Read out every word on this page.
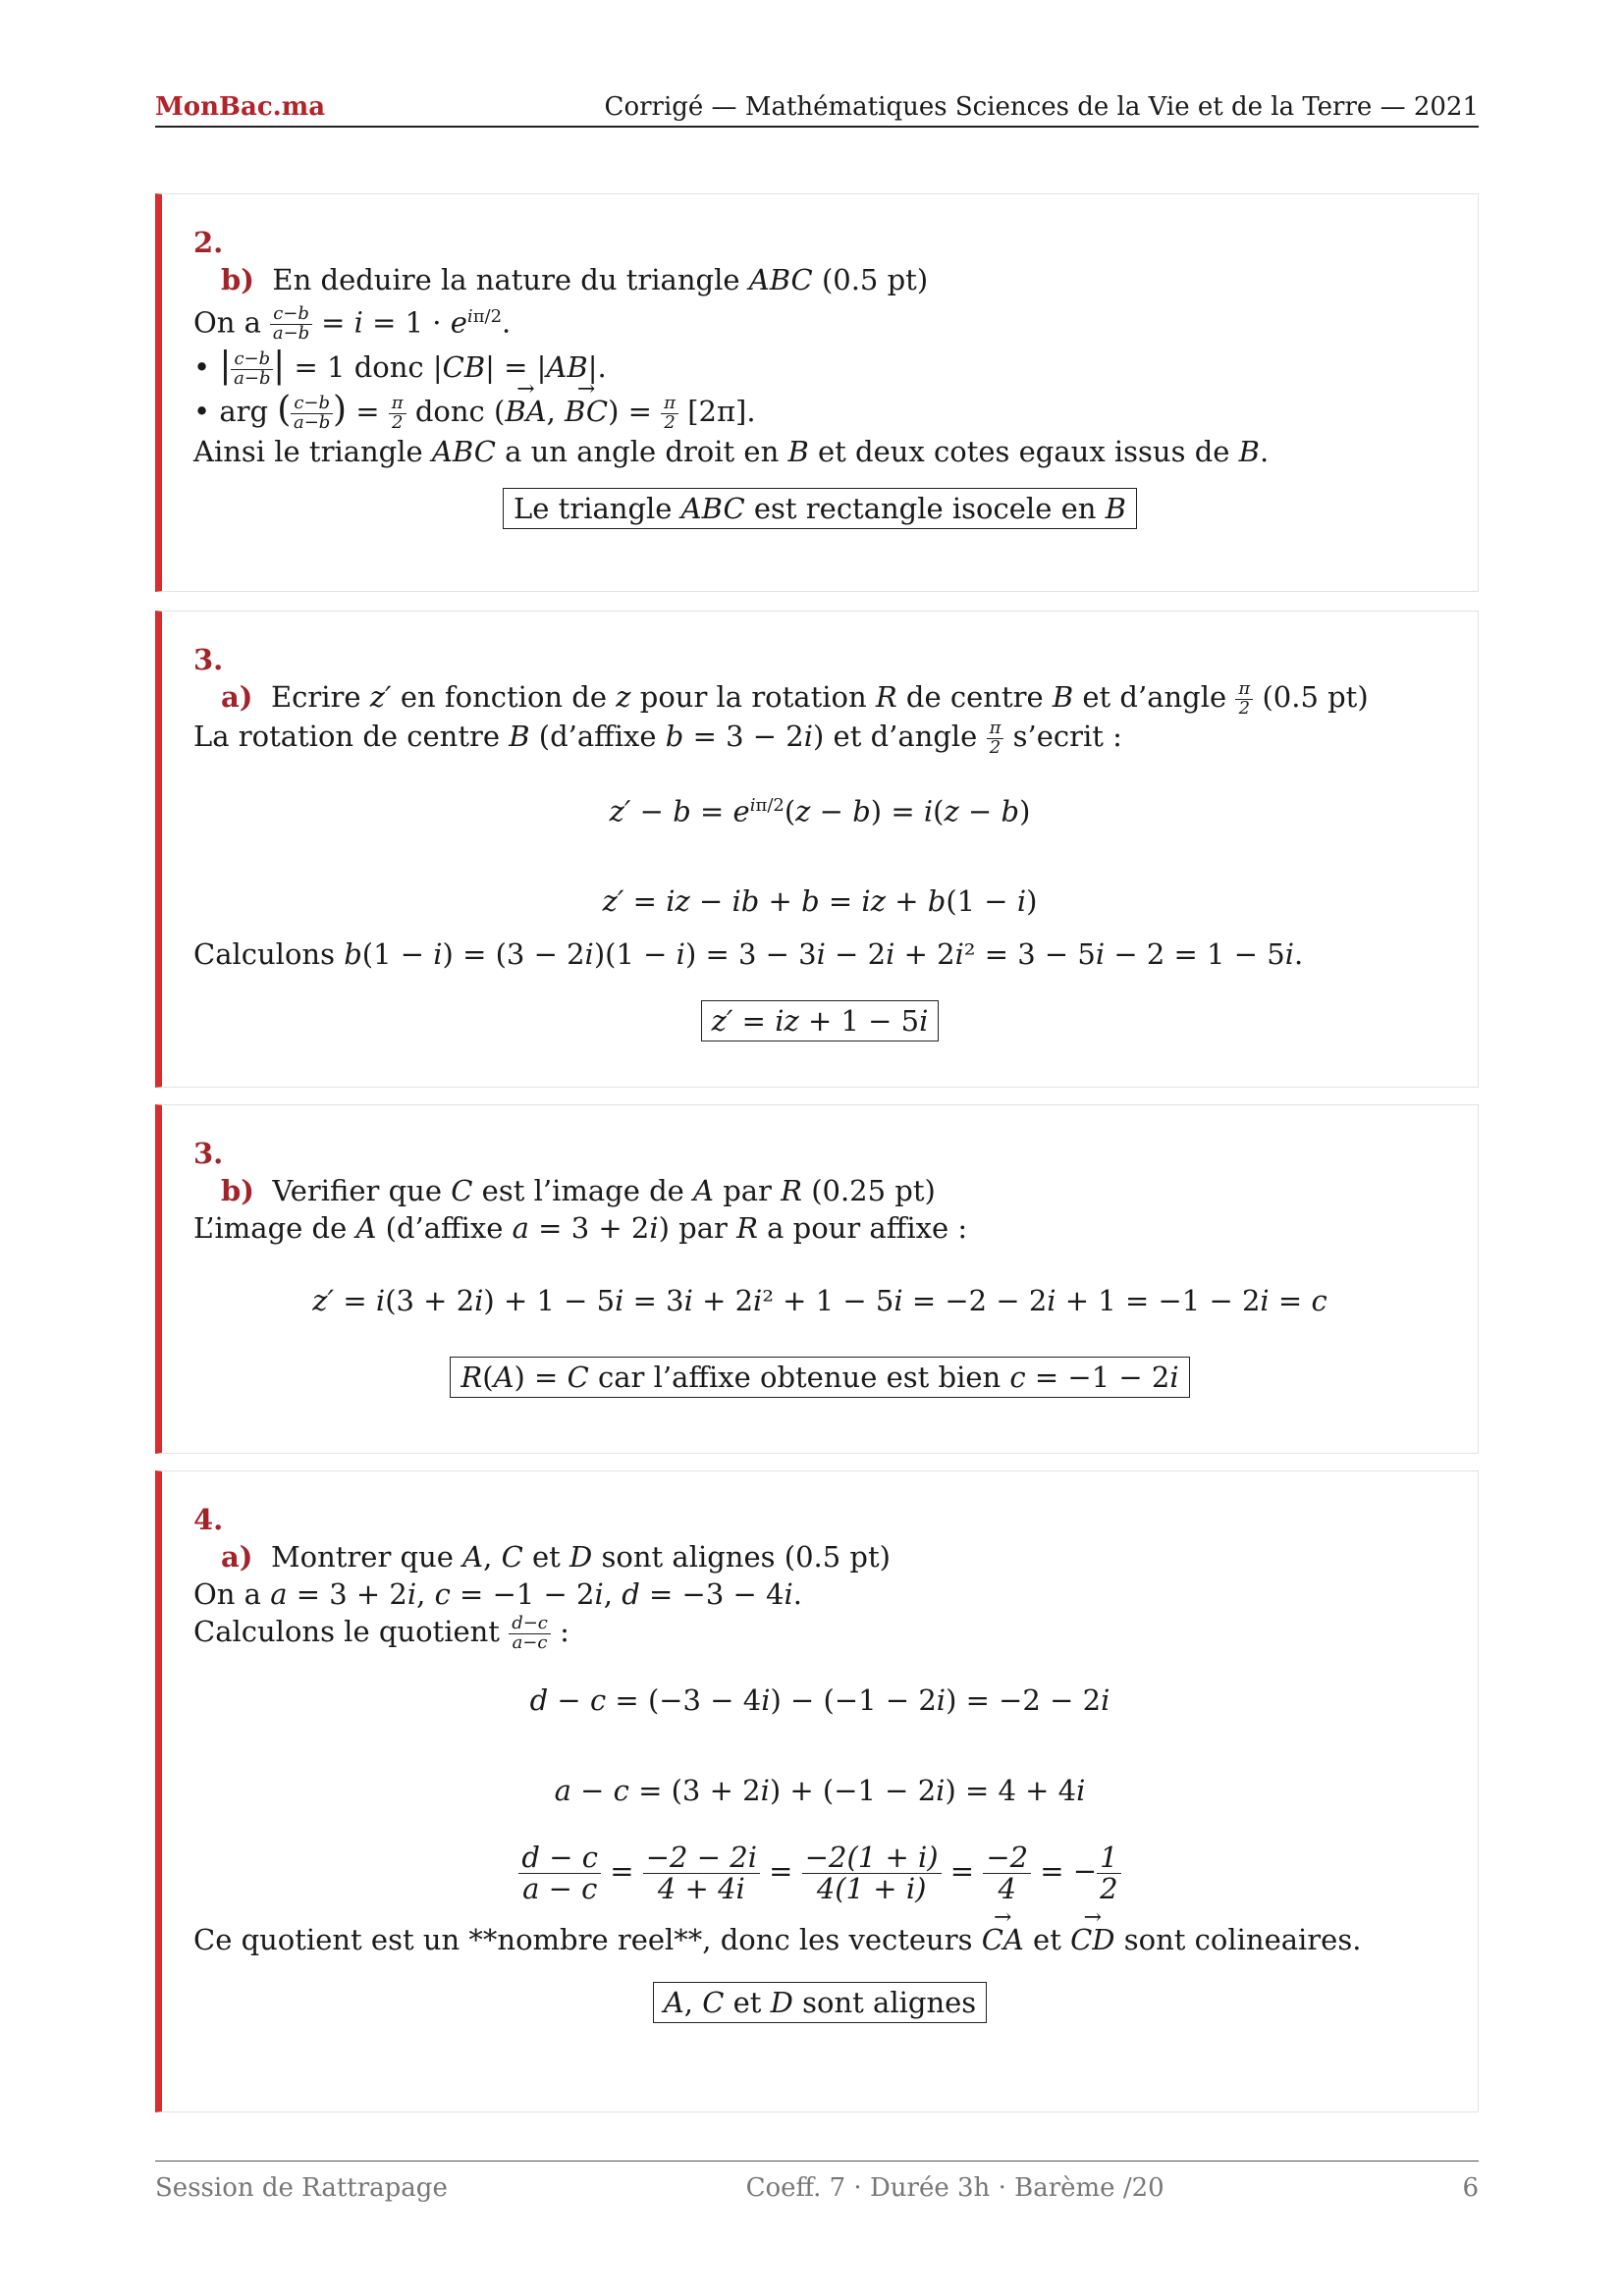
MonBac.ma	Corrigé — Mathématiques Sciences de la Vie et de la Terre — 2021
2.
b)  En deduire la nature du triangle ABC (0.5 pt)
On a $\frac{c-b}{a-b} = i = 1 \cdot e^{i\pi/2}$.
• | $\frac{c-b}{a-b}$ | = 1 donc |CB| = |AB|.
• arg ( $\frac{c-b}{a-b}$ ) = $\frac{\pi}{2}$ donc (→ BA, → $BC) = \frac{\pi}{2} [2\pi]$.
Ainsi le triangle ABC a un angle droit en B et deux cotes egaux issus de B.
Le triangle ABC est rectangle isocele en B
3.
a)  Ecrire z′ en fonction de z pour la rotation R de centre B et d’angle $\frac{\pi}{2} (0.5$ pt)
La rotation de centre B (d’affixe b = 3 − 2i) et d’angle $\frac{\pi}{2}$ s’ecrit :
$z' - b = e^{i\pi/2}(z - b) = i(z - b)$
z′ = iz − ib + b = iz + b(1 − i)
Calculons b(1 − i) = (3 − 2i)(1 − i) = 3 − 3i − 2i + 2i² = 3 − 5i − 2 = 1 − 5i.
z′ = iz + 1 − 5i
3.
b)  Verifier que C est l’image de A par R (0.25 pt)
L’image de A (d’affixe a = 3 + 2i) par R a pour affixe :
z′ = i(3 + 2i) + 1 − 5i = 3i + 2i² + 1 − 5i = −2 − 2i + 1 = −1 − 2i = c
R(A) = C car l’affixe obtenue est bien c = −1 − 2i
4.
a)  Montrer que A, C et D sont alignes (0.5 pt)
On a a = 3 + 2i, c = −1 − 2i, d = −3 − 4i.
Calculons le quotient $\frac{d-c}{a-c}$ :
d − c = (−3 − 4i) − (−1 − 2i) = −2 − 2i
a − c = (3 + 2i) + (−1 − 2i) = 4 + 4i
$\frac{d - c}{a - c} = \frac{-2 - 2i}{4 + 4i} = \frac{-2(1 + i)}{4(1 + i)} = \frac{-2}{4}$ = − $\frac{1}{2}$
Ce quotient est un **nombre reel**, donc les vecteurs → CA et → CD sont colineaires.
A, C et D sont alignes
Session de Rattrapage	Coeff. 7 · Durée 3h · Barème /20	6
